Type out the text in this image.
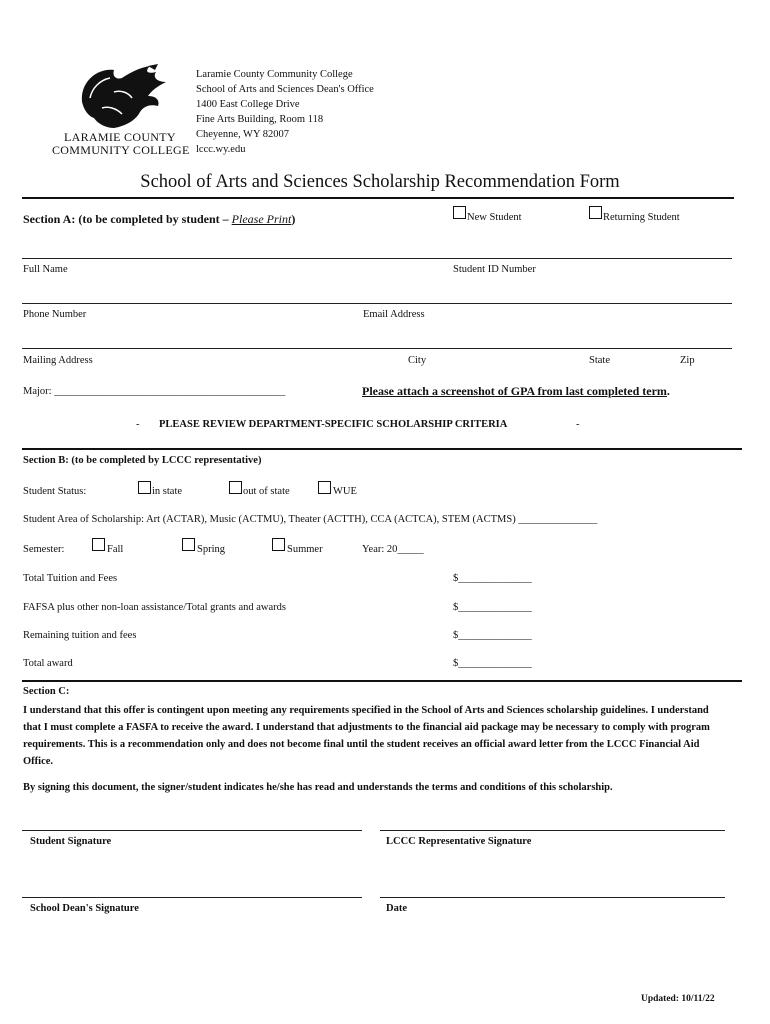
LARAMIE COUNTY
COMMUNITY COLLEGE
Laramie County Community College
School of Arts and Sciences Dean's Office
1400 East College Drive
Fine Arts Building, Room 118
Cheyenne, WY 82007
lccc.wy.edu
School of Arts and Sciences Scholarship Recommendation Form
Section A: (to be completed by student – Please Print)	New Student	Returning Student
Full Name	Student ID Number
Phone Number	Email Address
Mailing Address	City	State	Zip
Major: ____________________________________________	Please attach a screenshot of GPA from last completed term.
- PLEASE REVIEW DEPARTMENT-SPECIFIC SCHOLARSHIP CRITERIA	-
Section B: (to be completed by LCCC representative)
Student Status:	in state	out of state	WUE
Student Area of Scholarship: Art (ACTAR), Music (ACTMU), Theater (ACTTH), CCA (ACTCA), STEM (ACTMS) _______________
Semester:	Fall	Spring	Summer	Year: 20_____
Total Tuition and Fees	$______________
FAFSA plus other non-loan assistance/Total grants and awards	$______________
Remaining tuition and fees	$______________
Total award	$______________
Section C:
I understand that this offer is contingent upon meeting any requirements specified in the School of Arts and Sciences scholarship guidelines. I understand that I must complete a FASFA to receive the award. I understand that adjustments to the financial aid package may be necessary to comply with program requirements. This is a recommendation only and does not become final until the student receives an official award letter from the LCCC Financial Aid Office.
By signing this document, the signer/student indicates he/she has read and understands the terms and conditions of this scholarship.
Student Signature	LCCC Representative Signature
School Dean's Signature	Date
Updated: 10/11/22
